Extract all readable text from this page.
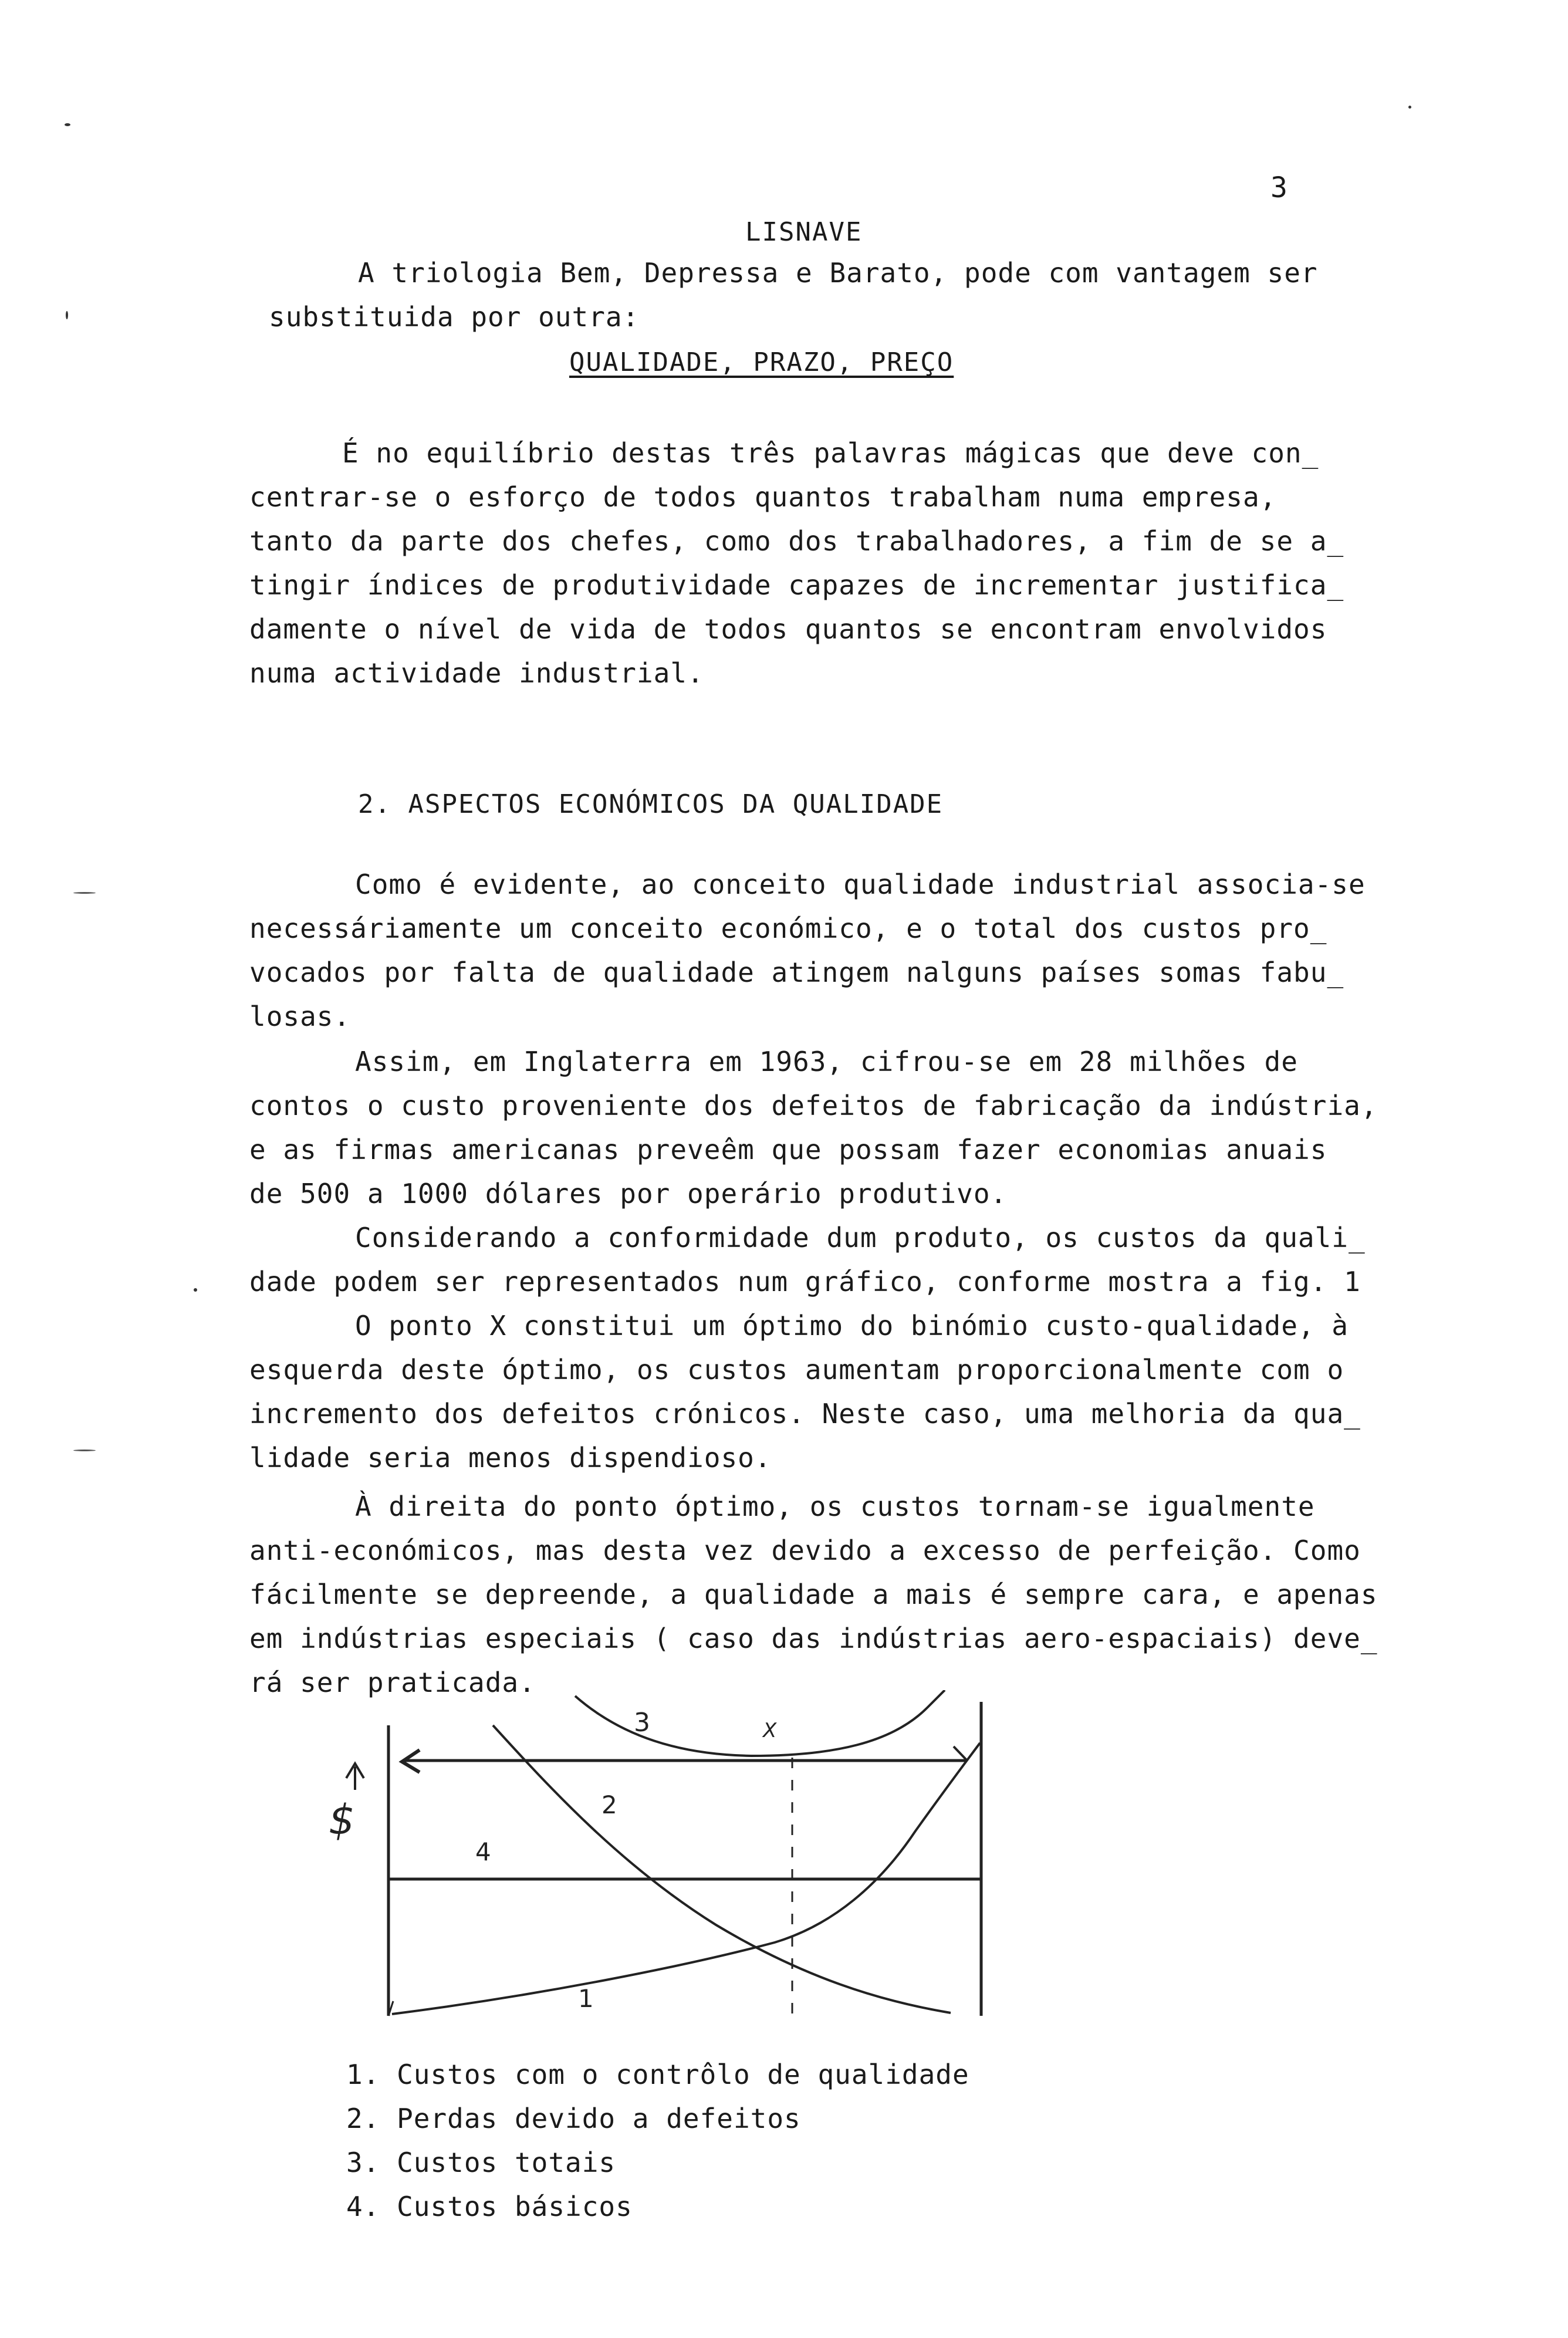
3
LISNAVE
A triologia Bem, Depressa e Barato, pode com vantagem ser
substituida por outra:
QUALIDADE, PRAZO, PREÇO
É no equilíbrio destas três palavras mágicas que deve con_
centrar-se o esforço de todos quantos trabalham numa empresa,
tanto da parte dos chefes, como dos trabalhadores, a fim de se a_
tingir índices de produtividade capazes de incrementar justifica_
damente o nível de vida de todos quantos se encontram envolvidos
numa actividade industrial.
2. ASPECTOS ECONÓMICOS DA QUALIDADE
Como é evidente, ao conceito qualidade industrial associa-se
necessáriamente um conceito económico, e o total dos custos pro_
vocados por falta de qualidade atingem nalguns países somas fabu_
losas.
Assim, em Inglaterra em 1963, cifrou-se em 28 milhões de
contos o custo proveniente dos defeitos de fabricação da indústria,
e as firmas americanas preveêm que possam fazer economias anuais
de 500 a 1000 dólares por operário produtivo.
Considerando a conformidade dum produto, os custos da quali_
dade podem ser representados num gráfico, conforme mostra a fig. 1
O ponto X constitui um óptimo do binómio custo-qualidade, à
esquerda deste óptimo, os custos aumentam proporcionalmente com o
incremento dos defeitos crónicos. Neste caso, uma melhoria da qua_
lidade seria menos dispendioso.
À direita do ponto óptimo, os custos tornam-se igualmente
anti-económicos, mas desta vez devido a excesso de perfeição. Como
fácilmente se depreende, a qualidade a mais é sempre cara, e apenas
em indústrias especiais ( caso das indústrias aero-espaciais) deve_
rá ser praticada.
3
2
4
1
X
$
1. Custos com o contrôlo de qualidade
2. Perdas devido a defeitos
3. Custos totais
4. Custos básicos
